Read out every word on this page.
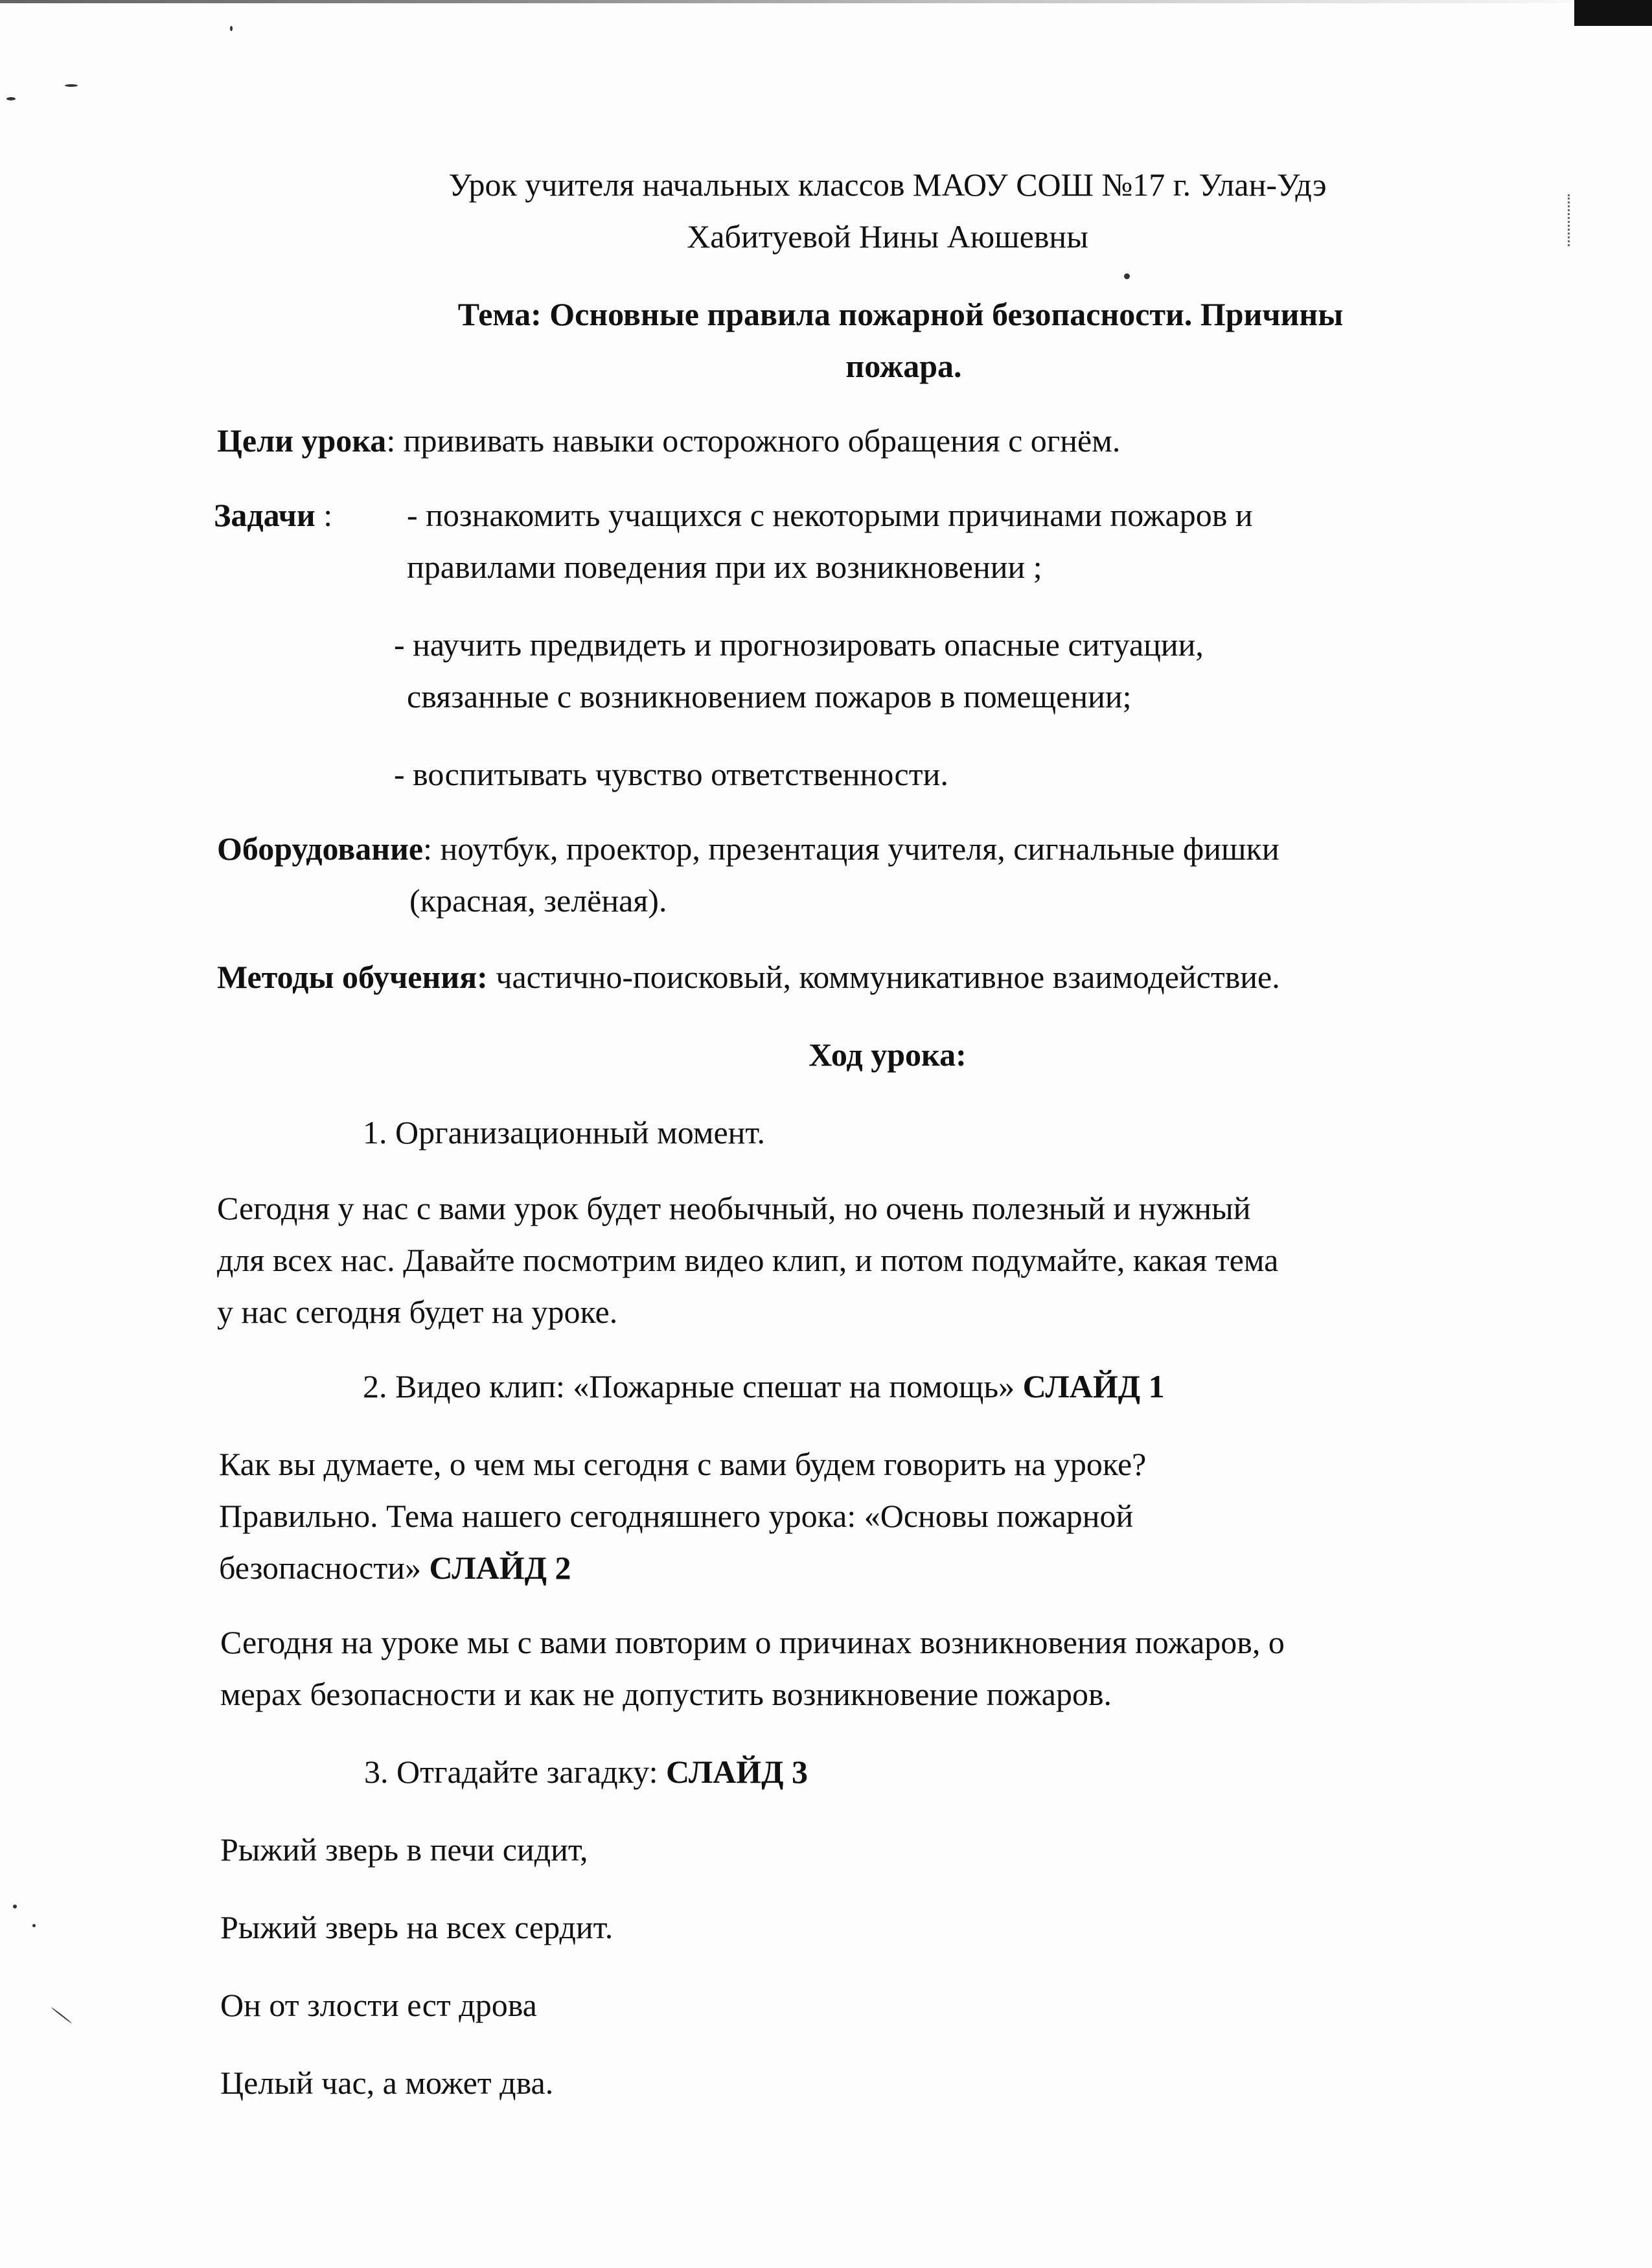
Урок учителя начальных классов МАОУ СОШ №17 г. Улан-Удэ
Хабитуевой Нины Аюшевны
Тема: Основные правила пожарной безопасности. Причины
пожара.
Цели урока: прививать навыки осторожного обращения с огнём.
Задачи : - познакомить учащихся с некоторыми причинами пожаров и
правилами поведения при их возникновении ;
- научить предвидеть и прогнозировать опасные ситуации,
связанные с возникновением пожаров в помещении;
- воспитывать чувство ответственности.
Оборудование: ноутбук, проектор, презентация учителя, сигнальные фишки
(красная, зелёная).
Методы обучения: частично-поисковый, коммуникативное взаимодействие.
Ход урока:
1. Организационный момент.
Сегодня у нас с вами урок будет необычный, но очень полезный и нужный
для всех нас. Давайте посмотрим видео клип, и потом подумайте, какая тема
у нас сегодня будет на уроке.
2. Видео клип: «Пожарные спешат на помощь» СЛАЙД 1
Как вы думаете, о чем мы сегодня с вами будем говорить на уроке?
Правильно. Тема нашего сегодняшнего урока: «Основы пожарной
безопасности» СЛАЙД 2
Сегодня на уроке мы с вами повторим о причинах возникновения пожаров, о
мерах безопасности и как не допустить возникновение пожаров.
3. Отгадайте загадку: СЛАЙД 3
Рыжий зверь в печи сидит,
Рыжий зверь на всех сердит.
Он от злости ест дрова
Целый час, а может два.
